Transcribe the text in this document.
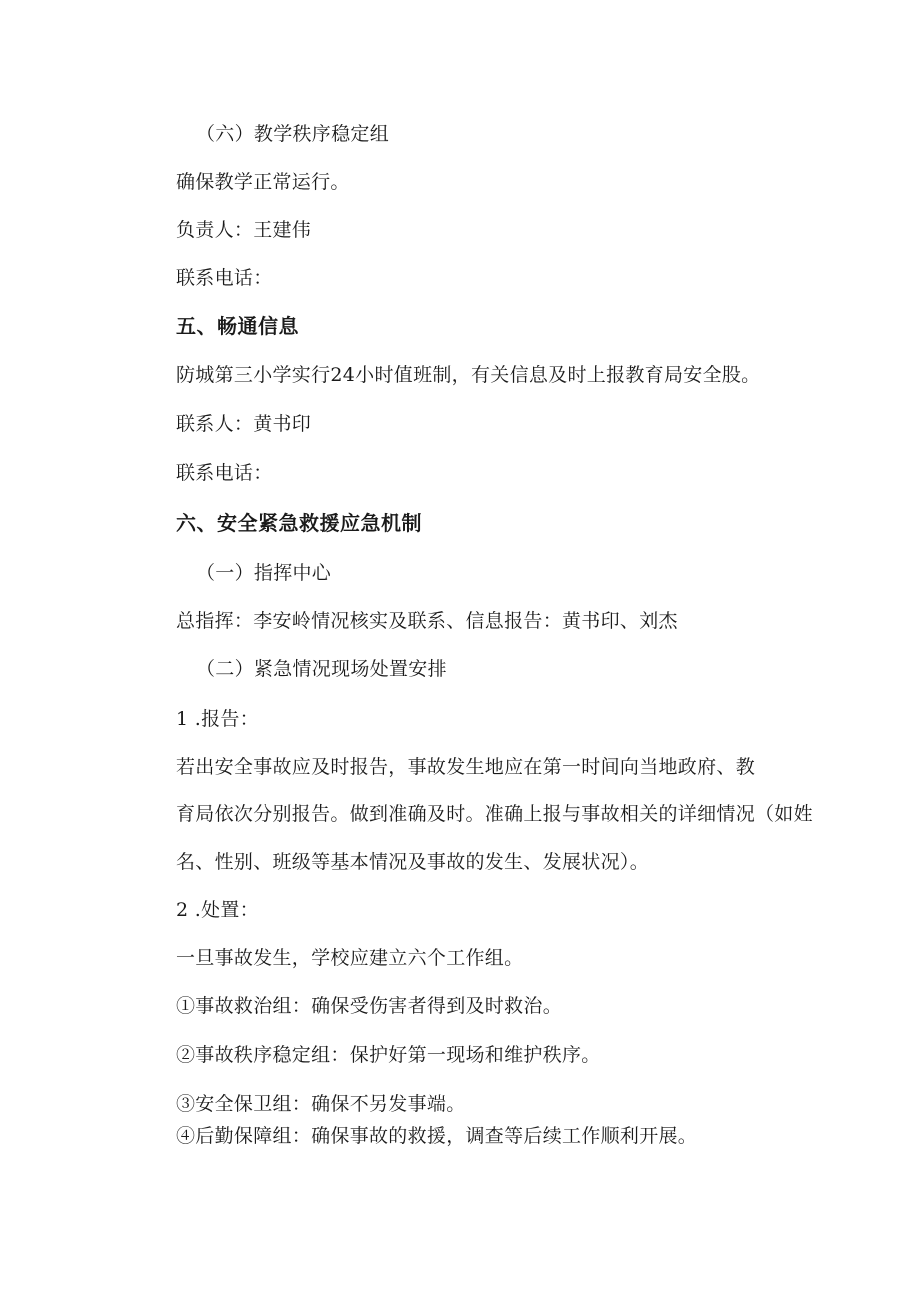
（六）教学秩序稳定组
确保教学正常运行。
负责人：王建伟
联系电话：
五、畅通信息
防城第三小学实行24小时值班制，有关信息及时上报教育局安全股。
联系人：黄书印
联系电话：
六、安全紧急救援应急机制
（一）指挥中心
总指挥：李安岭情况核实及联系、信息报告：黄书印、刘杰
（二）紧急情况现场处置安排
1 .报告：
若出安全事故应及时报告，事故发生地应在第一时间向当地政府、教
育局依次分别报告。做到准确及时。准确上报与事故相关的详细情况（如姓
名、性别、班级等基本情况及事故的发生、发展状况）。
2 .处置：
一旦事故发生，学校应建立六个工作组。
①事故救治组：确保受伤害者得到及时救治。
②事故秩序稳定组：保护好第一现场和维护秩序。
③安全保卫组：确保不另发事端。
④后勤保障组：确保事故的救援，调查等后续工作顺利开展。
